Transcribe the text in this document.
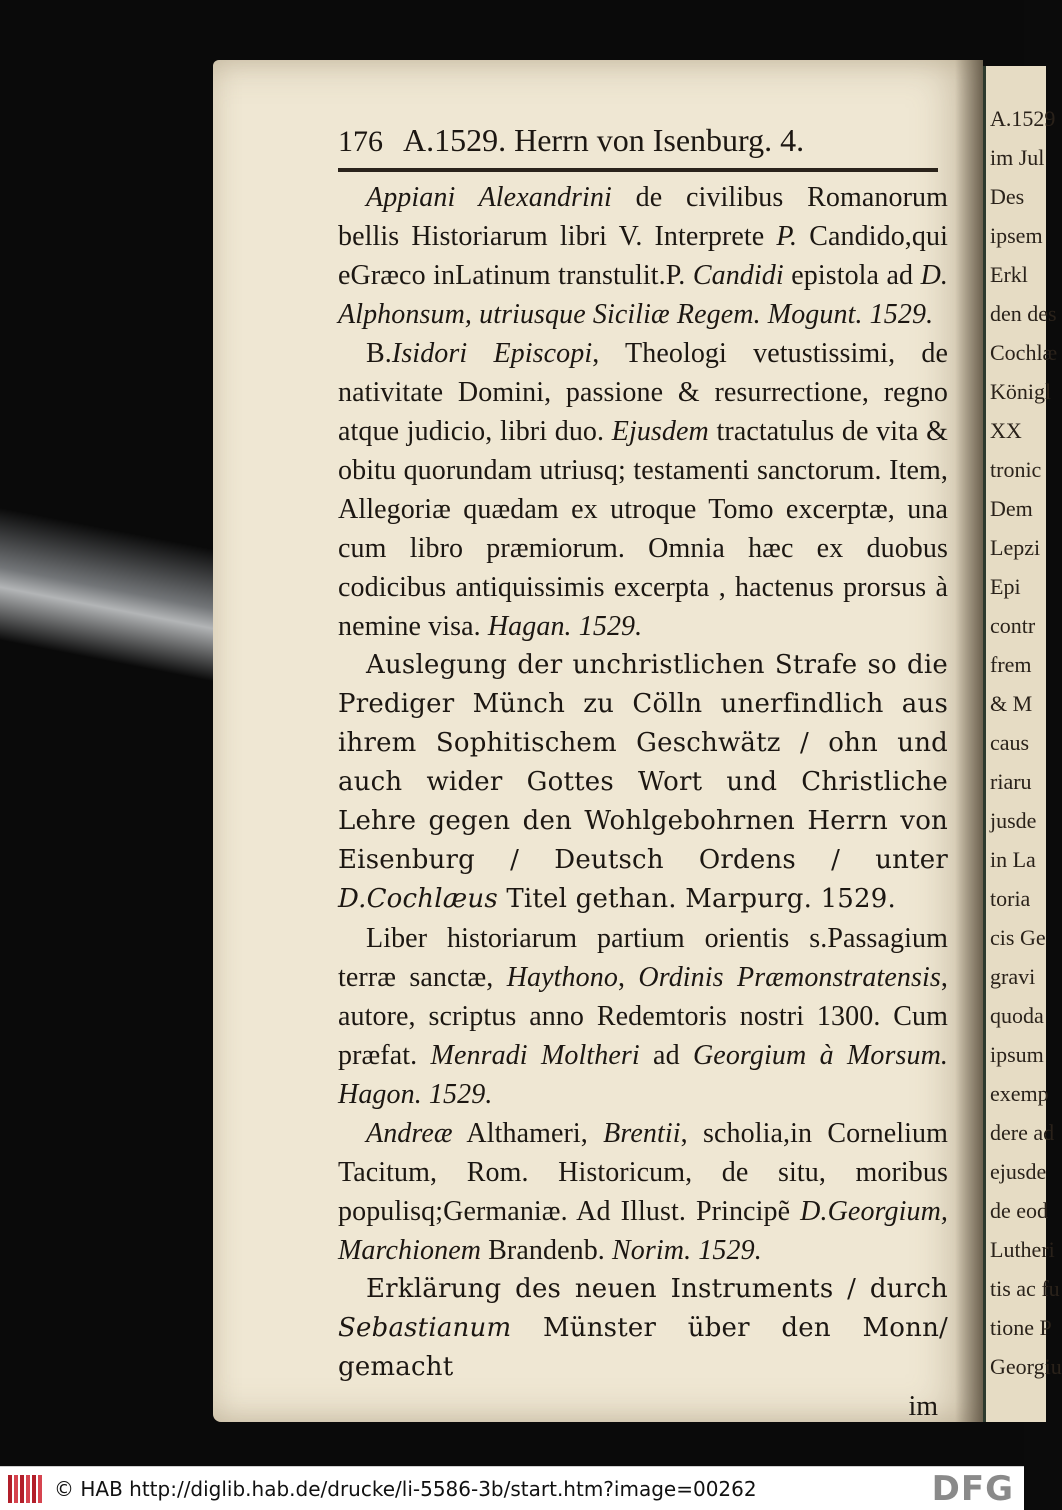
A.1529
im Jul
Des
ipsem
Erkl
den des
Cochlæ
Königl
XX
tronic
Dem
Lepzi
Epi
contr
frem
& M
caus
riaru
jusde
in La
toria
cis Ge
gravi
quoda
ipsum
exemp
dere ad
ejusde
de eod
Lutheri
tis ac fu
tione P
Georgiu
176 A.1529. Herrn von Isenburg. 4.

Appiani Alexandrini de civilibus Romanorum bellis Historiarum libri V. Interprete P. Candido,qui eGræco inLatinum transtulit.P. Candidi epistola ad D. Alphonsum, utriusque Siciliæ Regem. Mogunt. 1529.

B.Isidori Episcopi, Theologi vetustissimi, de nativitate Domini, passione & resurrectione, regno atque judicio, libri duo. Ejusdem tractatulus de vita & obitu quorundam utriusq; testamenti sanctorum. Item, Allegoriæ quædam ex utroque Tomo excerptæ, una cum libro præmiorum. Omnia hæc ex duobus codicibus antiquissimis excerpta , hactenus prorsus à nemine visa. Hagan. 1529.

Auslegung der unchristlichen Strafe so die Prediger Münch zu Cölln unerfindlich aus ihrem Sophitischem Geschwätz / ohn und auch wider Gottes Wort und Christliche Lehre gegen den Wohlgebohrnen Herrn von Eisenburg / Deutsch Ordens / unter D.Cochlæus Titel gethan. Marpurg. 1529.

Liber historiarum partium orientis s.Passagium terræ sanctæ, Haythono, Ordinis Præmonstratensis, autore, scriptus anno Redemtoris nostri 1300. Cum præfat. Menradi Moltheri ad Georgium à Morsum. Hagon. 1529.

Andreæ Althameri, Brentii, scholia,in Cornelium Tacitum, Rom. Historicum, de situ, moribus populisq;Germaniæ. Ad Illust. Principẽ D.Georgium, Marchionem Brandenb. Norim. 1529.

Erklärung des neuen Instruments / durch Sebastianum Münster über den Monn/ gemacht

im
© HAB http://diglib.hab.de/drucke/li-5586-3b/start.htm?image=00262	DFG
